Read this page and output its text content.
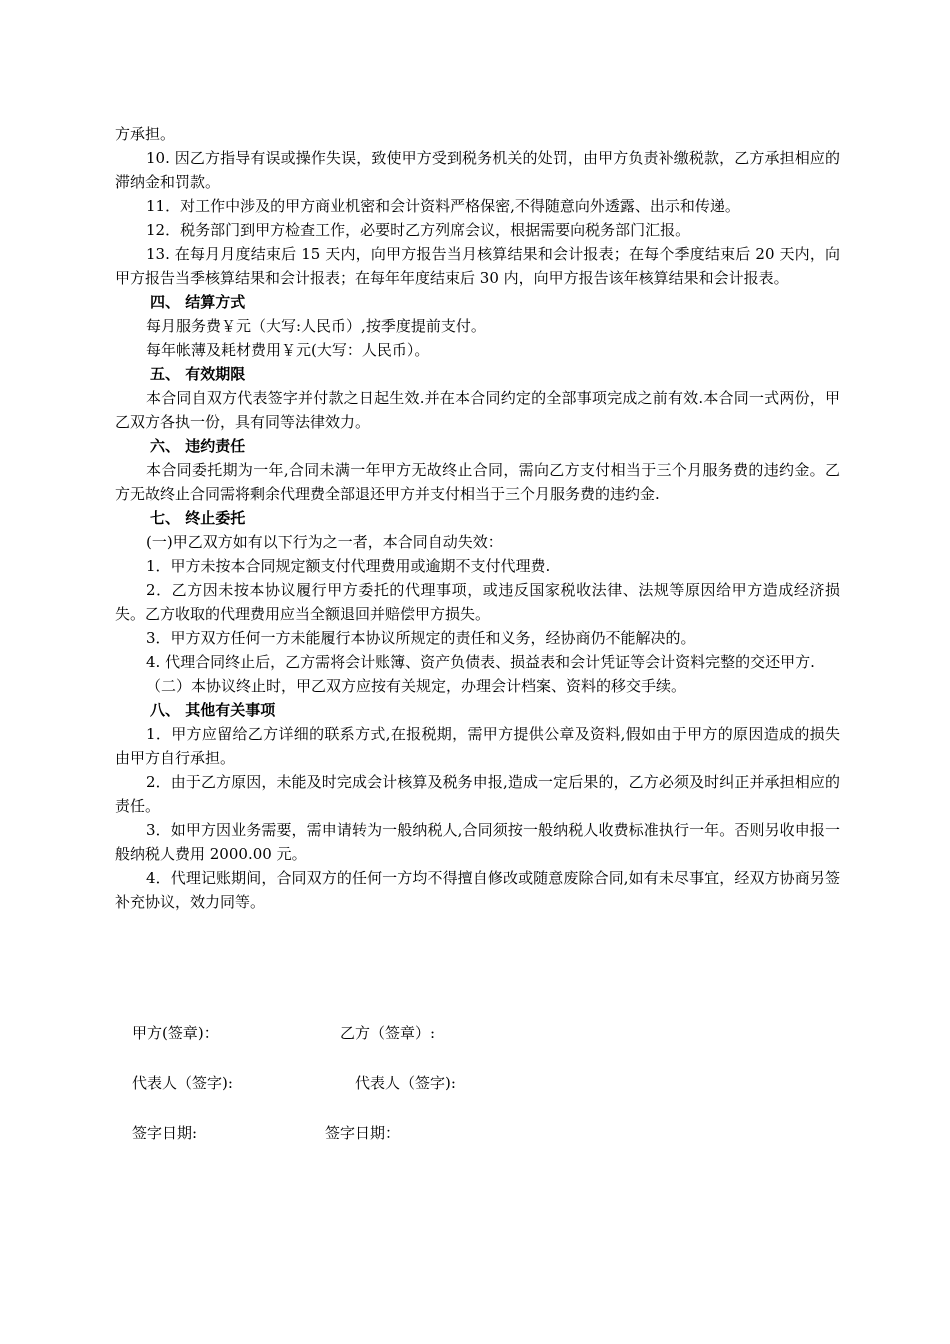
方承担。

10. 因乙方指导有误或操作失误，致使甲方受到税务机关的处罚，由甲方负责补缴税款，乙方承担相应的滞纳金和罚款。

11．对工作中涉及的甲方商业机密和会计资料严格保密,不得随意向外透露、出示和传递。

12．税务部门到甲方检查工作，必要时乙方列席会议，根据需要向税务部门汇报。

13. 在每月月度结束后 15 天内，向甲方报告当月核算结果和会计报表；在每个季度结束后 20 天内，向甲方报告当季核算结果和会计报表；在每年年度结束后 30 内，向甲方报告该年核算结果和会计报表。

四、 结算方式

每月服务费￥元（大写:人民币）,按季度提前支付。

每年帐薄及耗材费用￥元(大写：人民币）。

五、 有效期限

本合同自双方代表签字并付款之日起生效.并在本合同约定的全部事项完成之前有效.本合同一式两份，甲乙双方各执一份，具有同等法律效力。

六、 违约责任

本合同委托期为一年,合同未满一年甲方无故终止合同，需向乙方支付相当于三个月服务费的违约金。乙方无故终止合同需将剩余代理费全部退还甲方并支付相当于三个月服务费的违约金.

七、 终止委托

(一)甲乙双方如有以下行为之一者，本合同自动失效：

1．甲方未按本合同规定额支付代理费用或逾期不支付代理费.

2．乙方因未按本协议履行甲方委托的代理事项，或违反国家税收法律、法规等原因给甲方造成经济损失。乙方收取的代理费用应当全额退回并赔偿甲方损失。

3．甲方双方任何一方未能履行本协议所规定的责任和义务，经协商仍不能解决的。

4. 代理合同终止后，乙方需将会计账簿、资产负债表、损益表和会计凭证等会计资料完整的交还甲方.

（二）本协议终止时，甲乙双方应按有关规定，办理会计档案、资料的移交手续。

八、 其他有关事项

1．甲方应留给乙方详细的联系方式,在报税期，需甲方提供公章及资料,假如由于甲方的原因造成的损失由甲方自行承担。

2．由于乙方原因，未能及时完成会计核算及税务申报,造成一定后果的，乙方必须及时纠正并承担相应的责任。

3．如甲方因业务需要，需申请转为一般纳税人,合同须按一般纳税人收费标准执行一年。否则另收申报一般纳税人费用 2000.00 元。

4．代理记账期间，合同双方的任何一方均不得擅自修改或随意废除合同,如有未尽事宜，经双方协商另签补充协议，效力同等。

甲方(签章)：	乙方（签章）:
代表人（签字):	代表人（签字):
签字日期:	签字日期：
